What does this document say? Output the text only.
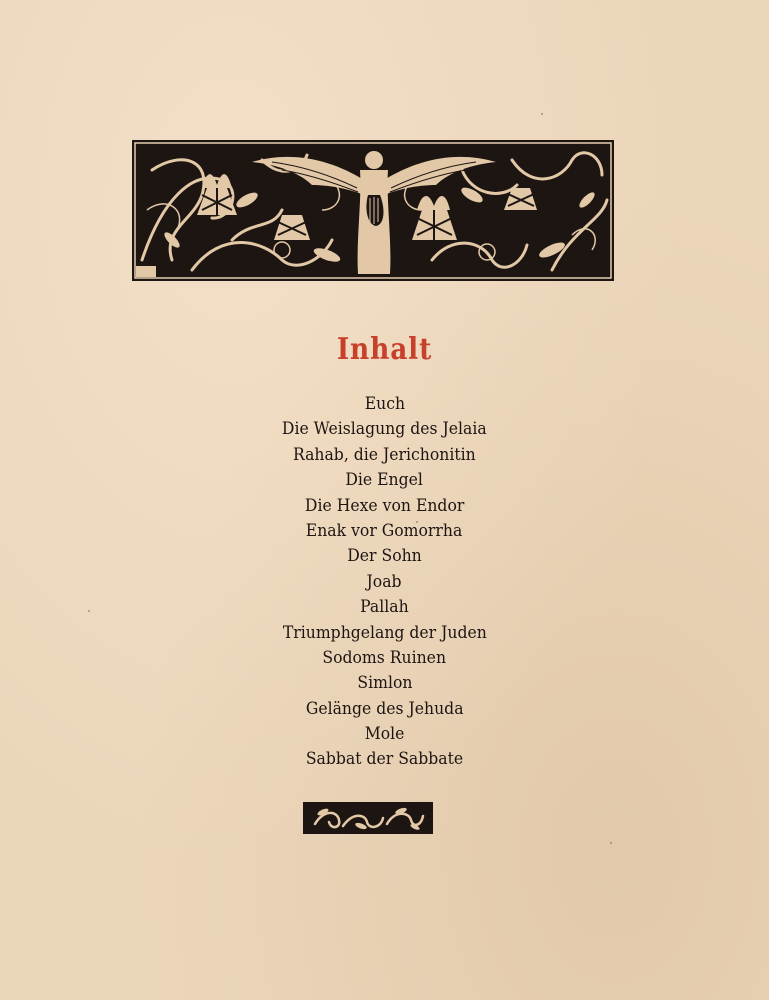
Inhalt
Euch
Die Weislagung des Jelaia
Rahab, die Jerichonitin
Die Engel
Die Hexe von Endor
Enak vor Gomorrha
Der Sohn
Joab
Pallah
Triumphgelang der Juden
Sodoms Ruinen
Simlon
Gelänge des Jehuda
Mole
Sabbat der Sabbate
